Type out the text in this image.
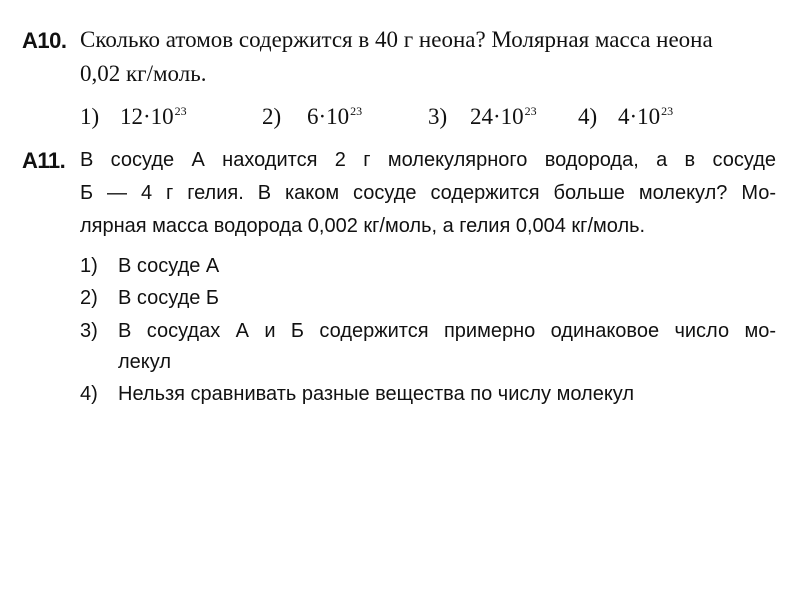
A10. Сколько атомов содержится в 40 г неона? Молярная масса неона
0,02 кг/моль.
1) $12\cdot 10^{23}$	2) $6\cdot 10^{23}$	3) $24\cdot 10^{23}$ 4) $4\cdot 10^{23}$
A11. В сосуде А находится 2 г молекулярного водорода, а в сосуде
Б — 4 г гелия. В каком сосуде содержится больше молекул? Мо-
лярная масса водорода 0,002 кг/моль, а гелия 0,004 кг/моль.
1) В сосуде А
2) В сосуде Б
3) В сосудах А и Б содержится примерно одинаковое число мо-
лекул
4) Нельзя сравнивать разные вещества по числу молекул
